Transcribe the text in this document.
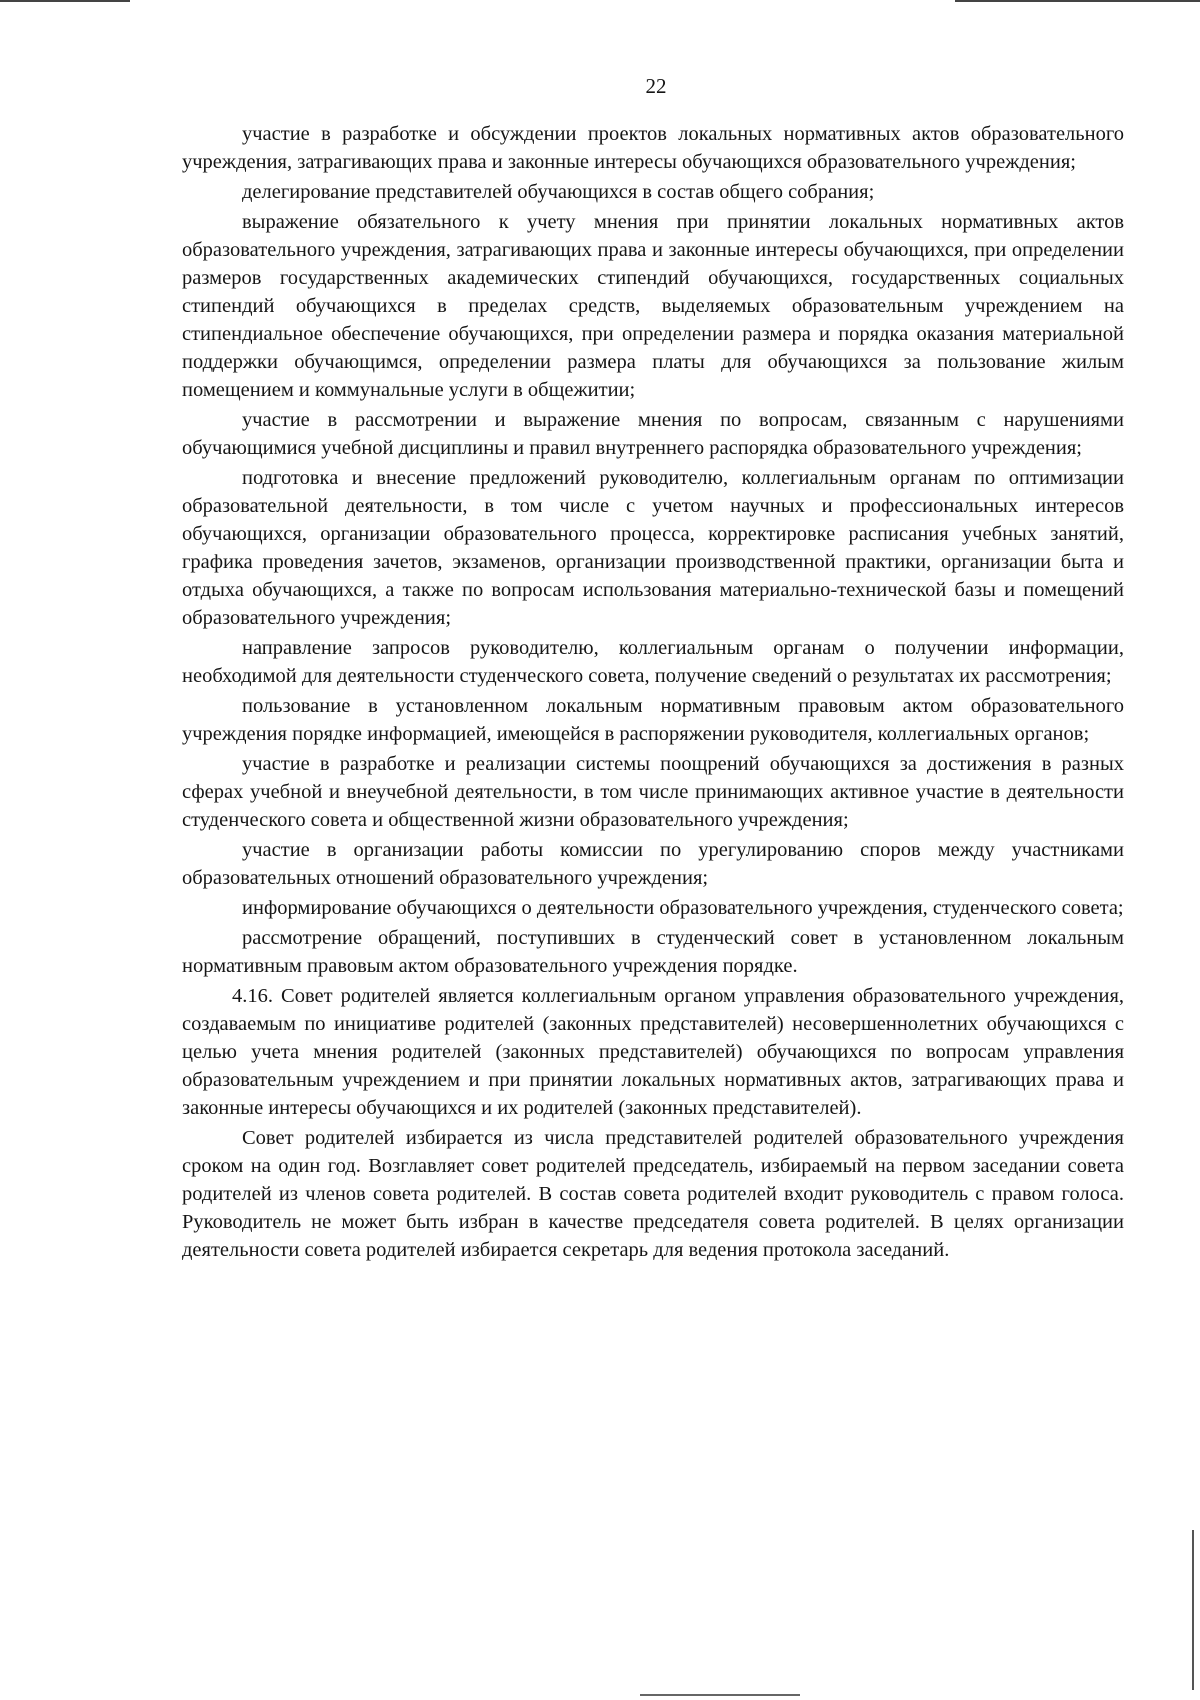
22

участие в разработке и обсуждении проектов локальных нормативных актов образовательного учреждения, затрагивающих права и законные интересы обучающихся образовательного учреждения;

делегирование представителей обучающихся в состав общего собрания;

выражение обязательного к учету мнения при принятии локальных нормативных актов образовательного учреждения, затрагивающих права и законные интересы обучающихся, при определении размеров государственных академических стипендий обучающихся, государственных социальных стипендий обучающихся в пределах средств, выделяемых образовательным учреждением на стипендиальное обеспечение обучающихся, при определении размера и порядка оказания материальной поддержки обучающимся, определении размера платы для обучающихся за пользование жилым помещением и коммунальные услуги в общежитии;

участие в рассмотрении и выражение мнения по вопросам, связанным с нарушениями обучающимися учебной дисциплины и правил внутреннего распорядка образовательного учреждения;

подготовка и внесение предложений руководителю, коллегиальным органам по оптимизации образовательной деятельности, в том числе с учетом научных и профессиональных интересов обучающихся, организации образовательного процесса, корректировке расписания учебных занятий, графика проведения зачетов, экзаменов, организации производственной практики, организации быта и отдыха обучающихся, а также по вопросам использования материально-технической базы и помещений образовательного учреждения;

направление запросов руководителю, коллегиальным органам о получении информации, необходимой для деятельности студенческого совета, получение сведений о результатах их рассмотрения;

пользование в установленном локальным нормативным правовым актом образовательного учреждения порядке информацией, имеющейся в распоряжении руководителя, коллегиальных органов;

участие в разработке и реализации системы поощрений обучающихся за достижения в разных сферах учебной и внеучебной деятельности, в том числе принимающих активное участие в деятельности студенческого совета и общественной жизни образовательного учреждения;

участие в организации работы комиссии по урегулированию споров между участниками образовательных отношений образовательного учреждения;

информирование обучающихся о деятельности образовательного учреждения, студенческого совета;

рассмотрение обращений, поступивших в студенческий совет в установленном локальным нормативным правовым актом образовательного учреждения порядке.

4.16. Совет родителей является коллегиальным органом управления образовательного учреждения, создаваемым по инициативе родителей (законных представителей) несовершеннолетних обучающихся с целью учета мнения родителей (законных представителей) обучающихся по вопросам управления образовательным учреждением и при принятии локальных нормативных актов, затрагивающих права и законные интересы обучающихся и их родителей (законных представителей).

Совет родителей избирается из числа представителей родителей образовательного учреждения сроком на один год. Возглавляет совет родителей председатель, избираемый на первом заседании совета родителей из членов совета родителей. В состав совета родителей входит руководитель с правом голоса. Руководитель не может быть избран в качестве председателя совета родителей. В целях организации деятельности совета родителей избирается секретарь для ведения протокола заседаний.
